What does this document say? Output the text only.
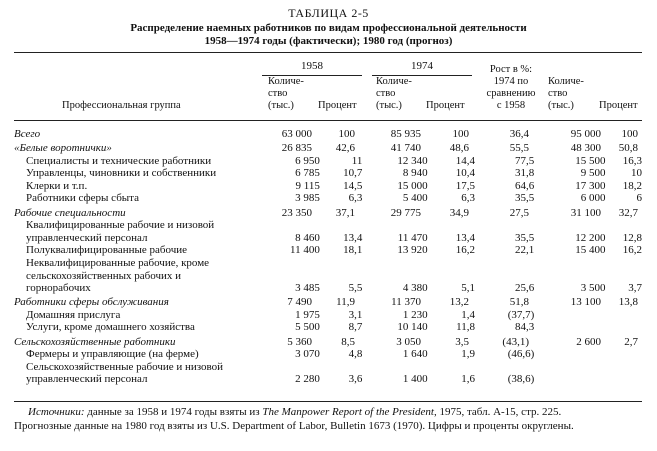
ТАБЛИЦА 2-5
Распределение наемных работников по видам профессиональной деятельности
1958—1974 годы (фактически); 1980 год (прогноз)
1958	1974
Количе-
ство
(тыс.)	Процент
Количе-
ство
(тыс.)	Процент
Рост в %:
1974 по
сравнению
с 1958
Количе-
ство
(тыс.)	Процент
Профессиональная группа
Всего	63 000	100	85 935	100	36,4	95 000	100
«Белые воротнички»	26 835	42,6	41 740	48,6	55,5	48 300	50,8
Специалисты и технические работники	6 950	11	12 340	14,4	77,5	15 500	16,3
Управленцы, чиновники и собственники	6 785	10,7	8 940	10,4	31,8	9 500	10
Клерки и т.п.	9 115	14,5	15 000	17,5	64,6	17 300	18,2
Работники сферы сбыта	3 985	6,3	5 400	6,3	35,5	6 000	6
Рабочие специальности	23 350	37,1	29 775	34,9	27,5	31 100	32,7
Квалифицированные рабочие и низовой
управленческий персонал	8 460	13,4	11 470	13,4	35,5	12 200	12,8
Полуквалифицированные рабочие	11 400	18,1	13 920	16,2	22,1	15 400	16,2
Неквалифицированные рабочие, кроме
сельскохозяйственных рабочих и
горнорабочих	3 485	5,5	4 380	5,1	25,6	3 500	3,7
Работники сферы обслуживания	7 490	11,9	11 370	13,2	51,8	13 100	13,8
Домашняя прислуга	1 975	3,1	1 230	1,4	(37,7)
Услуги, кроме домашнего хозяйства	5 500	8,7	10 140	11,8	84,3
Сельскохозяйственные работники	5 360	8,5	3 050	3,5	(43,1)	2 600	2,7
Фермеры и управляющие (на ферме)	3 070	4,8	1 640	1,9	(46,6)
Сельскохозяйственные рабочие и низовой
управленческий персонал	2 280	3,6	1 400	1,6	(38,6)
Источники: данные за 1958 и 1974 годы взяты из The Manpower Report of the President, 1975, табл. А-15, стр. 225.
Прогнозные данные на 1980 год взяты из U.S. Department of Labor, Bulletin 1673 (1970). Цифры и проценты округлены.
